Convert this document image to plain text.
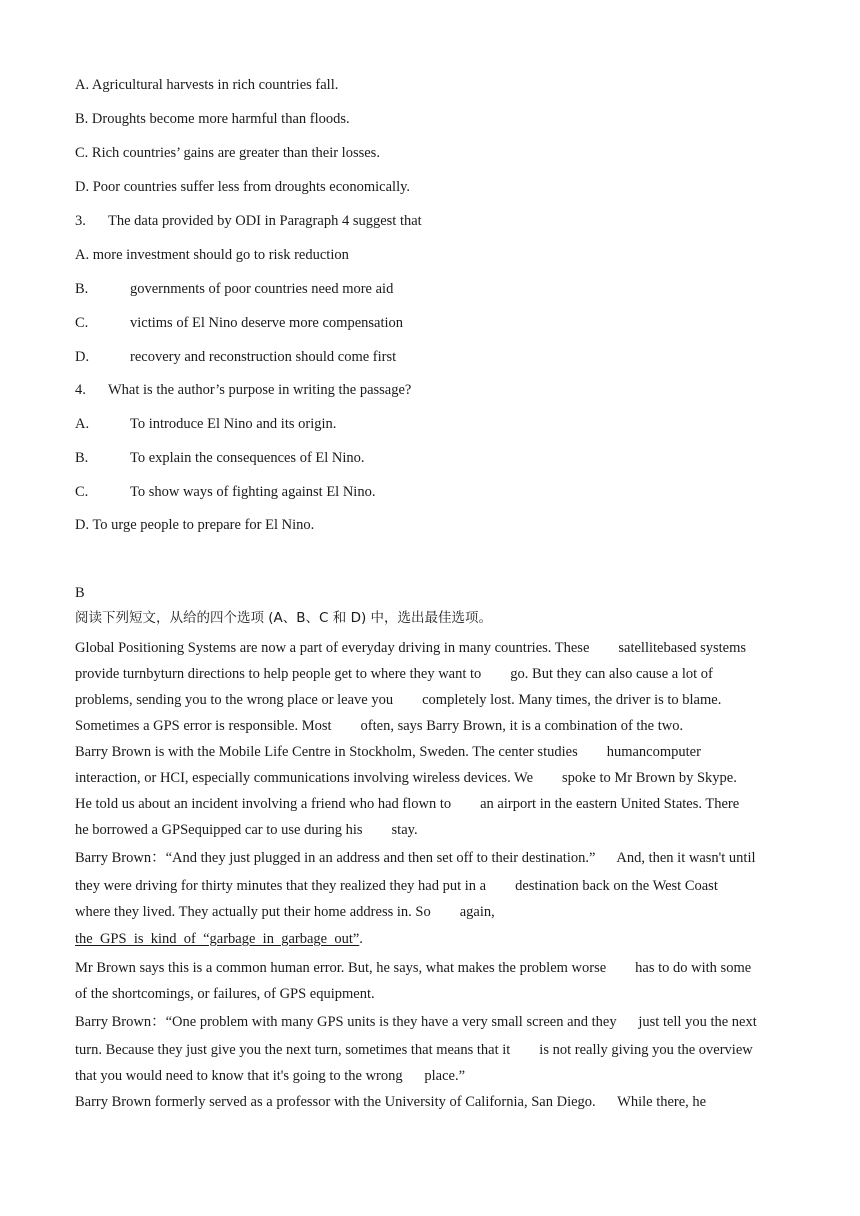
A. Agricultural harvests in rich countries fall.
B. Droughts become more harmful than floods.
C. Rich countries’ gains are greater than their losses.
D. Poor countries suffer less from droughts economically.
3. The data provided by ODI in Paragraph 4 suggest that
A. more investment should go to risk reduction
B.	governments of poor countries need more aid
C.	victims of El Nino deserve more compensation
D.	recovery and reconstruction should come first
4. What is the author’s purpose in writing the passage?
A.	To introduce El Nino and its origin.
B.	To explain the consequences of El Nino.
C.	To show ways of fighting against El Nino.
D. To urge people to prepare for El Nino.
B
阅读下列短文，从给的四个选项 (A、B、C 和 D) 中，选出最佳选项。
Global Positioning Systems are now a part of everyday driving in many countries. These        satellitebased systems
provide turnbyturn directions to help people get to where they want to        go. But they can also cause a lot of
problems, sending you to the wrong place or leave you        completely lost. Many times, the driver is to blame.
Sometimes a GPS error is responsible. Most        often, says Barry Brown, it is a combination of the two.
Barry Brown is with the Mobile Life Centre in Stockholm, Sweden. The center studies        humancomputer
interaction, or HCI, especially communications involving wireless devices. We        spoke to Mr Brown by Skype.
He told us about an incident involving a friend who had flown to        an airport in the eastern United States. There
he borrowed a GPSequipped car to use during his        stay.
Barry Brown：“And they just plugged in an address and then set off to their destination.”      And, then it wasn't until
they were driving for thirty minutes that they realized they had put in a        destination back on the West Coast
where they lived. They actually put their home address in. So        again,
the  GPS  is  kind  of  “garbage  in  garbage  out”.
Mr Brown says this is a common human error. But, he says, what makes the problem worse        has to do with some
of the shortcomings, or failures, of GPS equipment.
Barry Brown：“One problem with many GPS units is they have a very small screen and they      just tell you the next
turn. Because they just give you the next turn, sometimes that means that it        is not really giving you the overview
that you would need to know that it's going to the wrong      place.”
Barry Brown formerly served as a professor with the University of California, San Diego.      While there, he
